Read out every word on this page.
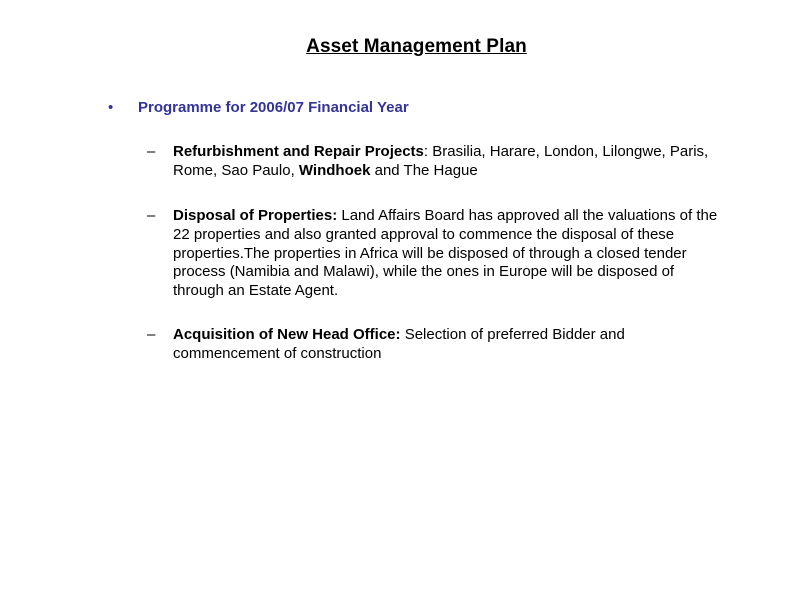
Asset Management Plan
•	Programme for 2006/07 Financial Year
–	Refurbishment and Repair Projects: Brasilia, Harare, London, Lilongwe, Paris, Rome, Sao Paulo, Windhoek and The Hague
–	Disposal of Properties: Land Affairs Board has approved all the valuations of the 22 properties and also granted approval to commence the disposal of these properties.The properties in Africa will be disposed of through a closed tender process (Namibia and Malawi), while the ones in Europe will be disposed of through an Estate Agent.
–	Acquisition of New Head Office: Selection of preferred Bidder and commencement of construction
